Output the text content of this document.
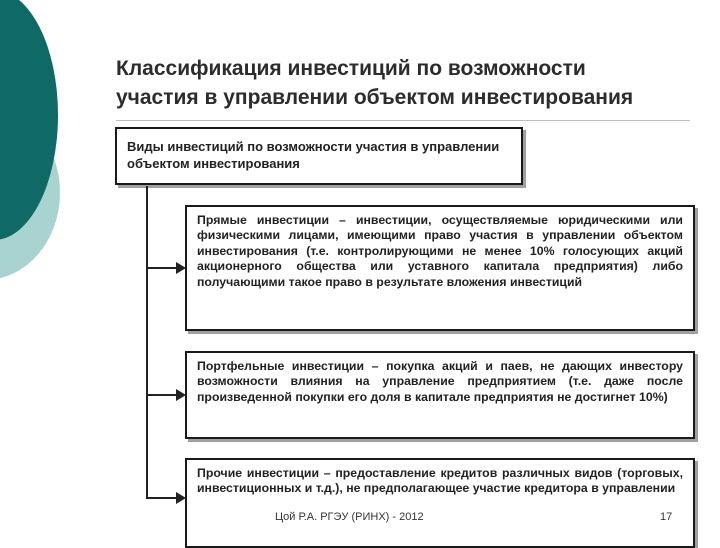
Классификация инвестиций по возможности
участия в управлении объектом инвестирования
Виды инвестиций по возможности участия в управлении объектом инвестирования
Прямые инвестиции – инвестиции, осуществляемые юридическими или физическими лицами, имеющими право участия в управлении объектом инвестирования (т.е. контролирующими не менее 10% голосующих акций акционерного общества или уставного капитала предприятия) либо получающими такое право в результате вложения инвестиций
Портфельные инвестиции – покупка акций и паев, не дающих инвестору возможности влияния на управление предприятием (т.е. даже после произведенной покупки его доля в капитале предприятия не достигнет 10%)
Прочие инвестиции – предоставление кредитов различных видов (торговых, инвестиционных и т.д.), не предполагающее участие кредитора в управлении
Цой Р.А. РГЭУ (РИНХ) - 2012	17
